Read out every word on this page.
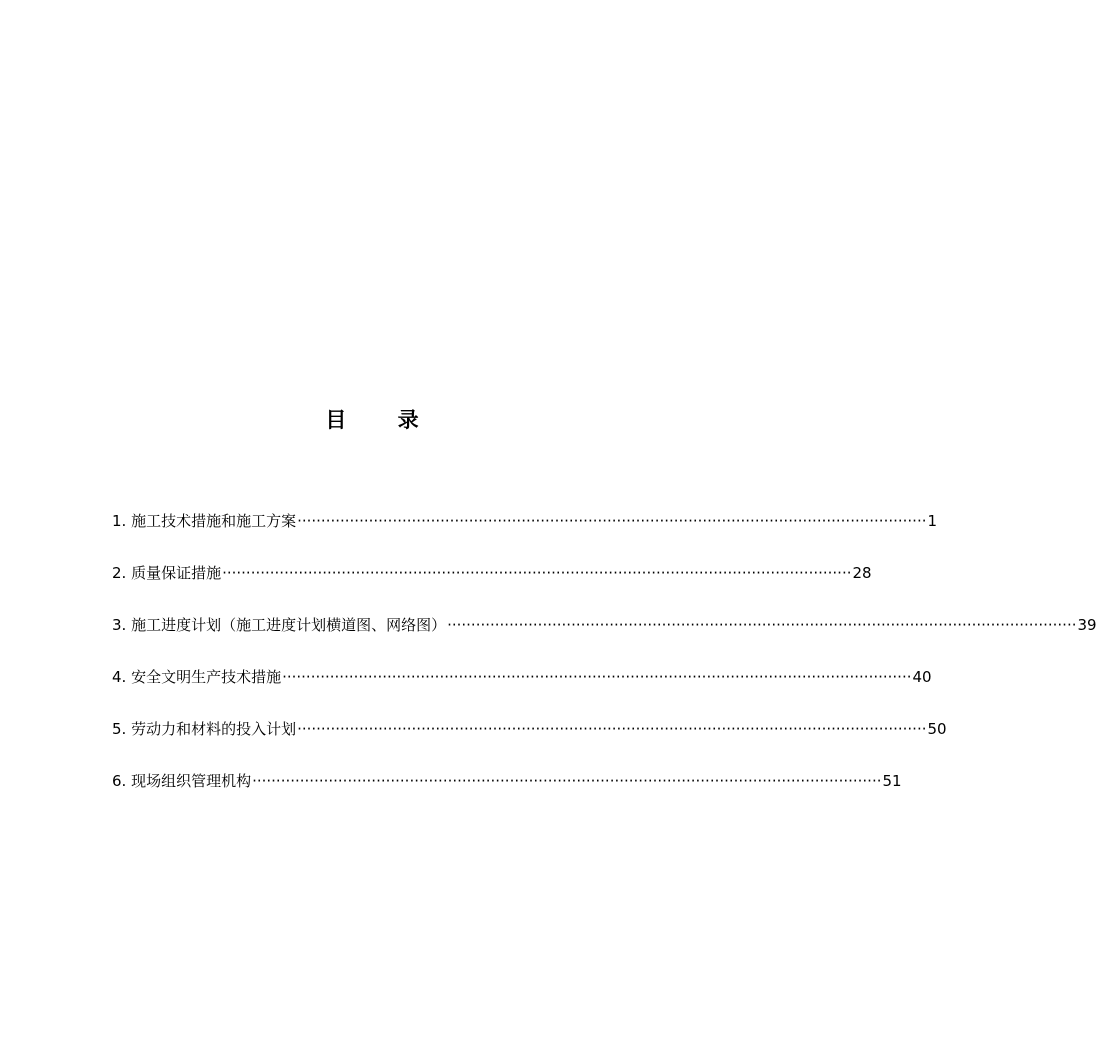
目 录
1. 施工技术措施和施工方案 ···································································································································· 1
2. 质量保证措施 ···································································································································· 28
3. 施工进度计划（施工进度计划横道图、网络图） ···································································································································· 39
4. 安全文明生产技术措施 ···································································································································· 40
5. 劳动力和材料的投入计划 ···································································································································· 50
6. 现场组织管理机构 ···································································································································· 51
